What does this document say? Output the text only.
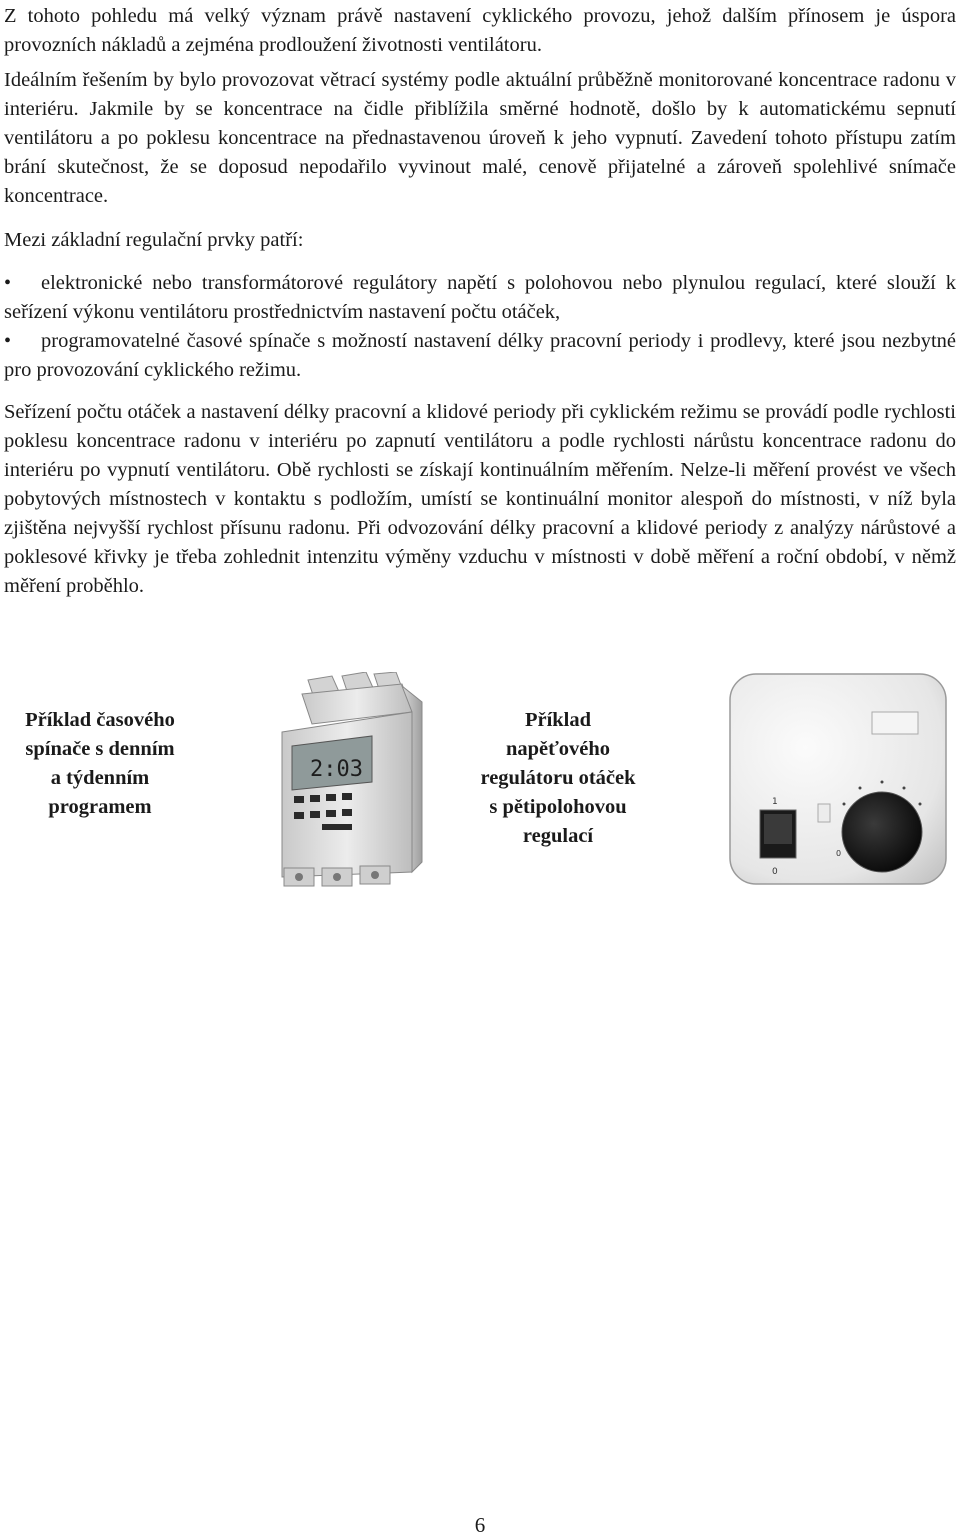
Z tohoto pohledu má velký význam právě nastavení cyklického provozu, jehož dalším přínosem je úspora provozních nákladů a zejména prodloužení životnosti ventilátoru.

Ideálním řešením by bylo provozovat větrací systémy podle aktuální průběžně monitorované koncentrace radonu v interiéru. Jakmile by se koncentrace na čidle přiblížila směrné hodnotě, došlo by k automatickému sepnutí ventilátoru a po poklesu koncentrace na přednastavenou úroveň k jeho vypnutí. Zavedení tohoto přístupu zatím brání skutečnost, že se doposud nepodařilo vyvinout malé, cenově přijatelné a zároveň spolehlivé snímače koncentrace.

Mezi základní regulační prvky patří:

• elektronické nebo transformátorové regulátory napětí s polohovou nebo plynulou regulací, které slouží k seřízení výkonu ventilátoru prostřednictvím nastavení počtu otáček,

• programovatelné časové spínače s možností nastavení délky pracovní periody i prodlevy, které jsou nezbytné pro provozování cyklického režimu.

Seřízení počtu otáček a nastavení délky pracovní a klidové periody při cyklickém režimu se provádí podle rychlosti poklesu koncentrace radonu v interiéru po zapnutí ventilátoru a podle rychlosti nárůstu koncentrace radonu do interiéru po vypnutí ventilátoru. Obě rychlosti se získají kontinuálním měřením. Nelze-li měření provést ve všech pobytových místnostech v kontaktu s podložím, umístí se kontinuální monitor alespoň do místnosti, v níž byla zjištěna nejvyšší rychlost přísunu radonu. Při odvozování délky pracovní a klidové periody z analýzy nárůstové a poklesové křivky je třeba zohlednit intenzitu výměny vzduchu v místnosti v době měření a roční období, v němž měření proběhlo.

Příklad časového
spínače s denním
a týdenním
programem
2:03
Příklad
napěťového
regulátoru otáček
s pětipolohovou
regulací
1
0
0
6
